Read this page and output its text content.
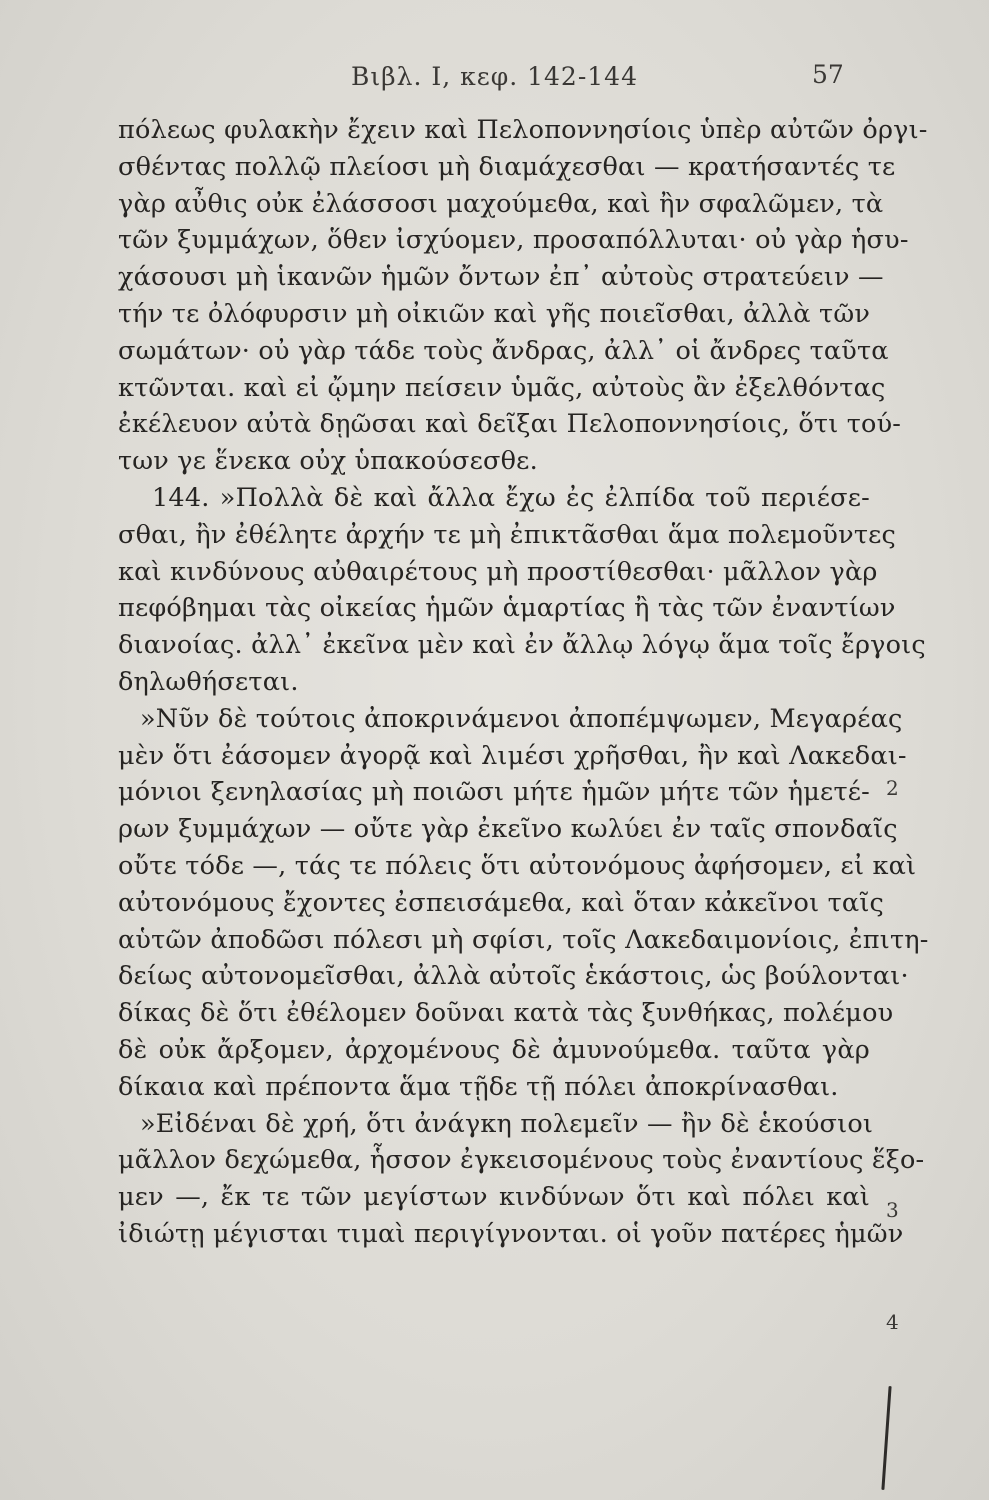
Βιβλ. I, κεφ. 142-144	57
πόλεως φυλακὴν ἔχειν καὶ Πελοποννησίοις ὑπὲρ αὐτῶν ὀργι-
σθέντας πολλῷ πλείοσι μὴ διαμάχεσθαι — κρατήσαντές τε
γὰρ αὖθις οὐκ ἐλάσσοσι μαχούμεθα, καὶ ἢν σφαλῶμεν, τὰ
τῶν ξυμμάχων, ὅθεν ἰσχύομεν, προσαπόλλυται· οὐ γὰρ ἡσυ-
χάσουσι μὴ ἱκανῶν ἡμῶν ὄντων ἐπ᾽ αὐτοὺς στρατεύειν —
τήν τε ὀλόφυρσιν μὴ οἰκιῶν καὶ γῆς ποιεῖσθαι, ἀλλὰ τῶν
σωμάτων· οὐ γὰρ τάδε τοὺς ἄνδρας, ἀλλ᾽ οἱ ἄνδρες ταῦτα
κτῶνται. καὶ εἰ ᾤμην πείσειν ὑμᾶς, αὐτοὺς ἂν ἐξελθόντας
ἐκέλευον αὐτὰ δῃῶσαι καὶ δεῖξαι Πελοποννησίοις, ὅτι τού-
των γε ἕνεκα οὐχ ὑπακούσεσθε.
144. »Πολλὰ δὲ καὶ ἄλλα ἔχω ἐς ἐλπίδα τοῦ περιέσε-
σθαι, ἢν ἐθέλητε ἀρχήν τε μὴ ἐπικτᾶσθαι ἅμα πολεμοῦντες
καὶ κινδύνους αὐθαιρέτους μὴ προστίθεσθαι· μᾶλλον γὰρ
πεφόβημαι τὰς οἰκείας ἡμῶν ἁμαρτίας ἢ τὰς τῶν ἐναντίων
διανοίας. ἀλλ᾽ ἐκεῖνα μὲν καὶ ἐν ἄλλῳ λόγῳ ἅμα τοῖς ἔργοις
δηλωθήσεται.
»Νῦν δὲ τούτοις ἀποκρινάμενοι ἀποπέμψωμεν, Μεγαρέας
μὲν ὅτι ἐάσομεν ἀγορᾷ καὶ λιμέσι χρῆσθαι, ἢν καὶ Λακεδαι-
μόνιοι ξενηλασίας μὴ ποιῶσι μήτε ἡμῶν μήτε τῶν ἡμετέ-
ρων ξυμμάχων — οὔτε γὰρ ἐκεῖνο κωλύει ἐν ταῖς σπονδαῖς
οὔτε τόδε —, τάς τε πόλεις ὅτι αὐτονόμους ἀφήσομεν, εἰ καὶ
αὐτονόμους ἔχοντες ἐσπεισάμεθα, καὶ ὅταν κἀκεῖνοι ταῖς
αὑτῶν ἀποδῶσι πόλεσι μὴ σφίσι, τοῖς Λακεδαιμονίοις, ἐπιτη-
δείως αὐτονομεῖσθαι, ἀλλὰ αὐτοῖς ἑκάστοις, ὡς βούλονται·
δίκας δὲ ὅτι ἐθέλομεν δοῦναι κατὰ τὰς ξυνθήκας, πολέμου
δὲ οὐκ ἄρξομεν, ἀρχομένους δὲ ἀμυνούμεθα. ταῦτα γὰρ
δίκαια καὶ πρέποντα ἅμα τῇδε τῇ πόλει ἀποκρίνασθαι.
»Εἰδέναι δὲ χρή, ὅτι ἀνάγκη πολεμεῖν — ἢν δὲ ἑκούσιοι
μᾶλλον δεχώμεθα, ἧσσον ἐγκεισομένους τοὺς ἐναντίους ἕξο-
μεν —, ἔκ τε τῶν μεγίστων κινδύνων ὅτι καὶ πόλει καὶ
ἰδιώτῃ μέγισται τιμαὶ περιγίγνονται. οἱ γοῦν πατέρες ἡμῶν
2
3
4
